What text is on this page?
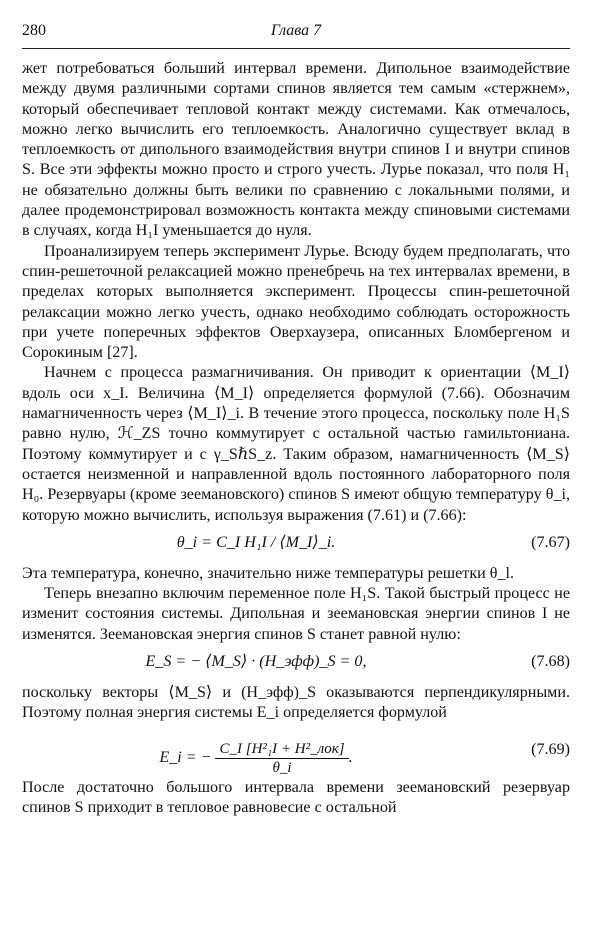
280	Глава 7

жет потребоваться больший интервал времени. Дипольное взаимодействие между двумя различными сортами спинов является тем самым «стержнем», который обеспечивает тепловой контакт между системами. Как отмечалось, можно легко вычислить его теплоемкость. Аналогично существует вклад в теплоемкость от дипольного взаимодействия внутри спинов I и внутри спинов S. Все эти эффекты можно просто и строго учесть. Лурье показал, что поля H₁ не обязательно должны быть велики по сравнению с локальными полями, и далее продемонстрировал возможность контакта между спиновыми системами в случаях, когда H₁I уменьшается до нуля.

Проанализируем теперь эксперимент Лурье. Всюду будем предполагать, что спин-решеточной релаксацией можно пренебречь на тех интервалах времени, в пределах которых выполняется эксперимент. Процессы спин-решеточной релаксации можно легко учесть, однако необходимо соблюдать осторожность при учете поперечных эффектов Оверхаузера, описанных Бломбергеном и Сорокиным [27].

Начнем с процесса размагничивания. Он приводит к ориентации ⟨M_I⟩ вдоль оси x_I. Величина ⟨M_I⟩ определяется формулой (7.66). Обозначим намагниченность через ⟨M_I⟩_i. В течение этого процесса, поскольку поле H₁S равно нулю, ℋ_ZS точно коммутирует с остальной частью гамильтониана. Поэтому коммутирует и с γ_SℏS_z. Таким образом, намагниченность ⟨M_S⟩ остается неизменной и направленной вдоль постоянного лабораторного поля H₀. Резервуары (кроме зеемановского) спинов S имеют общую температуру θ_i, которую можно вычислить, используя выражения (7.61) и (7.66):

θ_i = C_I H₁I / ⟨M_I⟩_i.	(7.67)

Эта температура, конечно, значительно ниже температуры решетки θ_l.

Теперь внезапно включим переменное поле H₁S. Такой быстрый процесс не изменит состояния системы. Дипольная и зеемановская энергии спинов I не изменятся. Зеемановская энергия спинов S станет равной нулю:

E_S = − ⟨M_S⟩ · (H_эфф)_S = 0,	(7.68)

поскольку векторы ⟨M_S⟩ и (H_эфф)_S оказываются перпендикулярными. Поэтому полная энергия системы E_i определяется формулой

E_i = − $\frac{\text{C\_I [H²₁I + H²\_лок]}}{\theta\_i}$ .	(7.69)

После достаточно большого интервала времени зеемановский резервуар спинов S приходит в тепловое равновесие с остальной
